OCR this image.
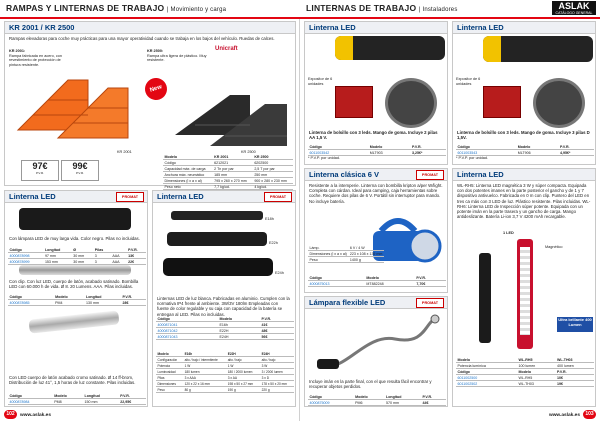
RAMPAS Y LINTERNAS DE TRABAJO | Movimiento y carga
KR 2001 / KR 2500
Rampas elevadoras para coche muy prácticas para una mayor operatividad cuando se trabaja en los bajos del vehículo. Ruedas de calces.
KR 2001:
Rampa fabricada en acero, con revestimiento de protección de pintura resistente.
KR 2500:
Rampa ultra ligera de plástico. Muy resistente.
New
Unicraft
KR 2001	KR 2500
97€
P.V.R.
99€
P.V.R.
Modelo	KR 2001	KR 2500
Código	6212021	6202500
Capacidad máx. de carga	2 Tn por par	2,5 T por par
Anchura máx. neumático	185 mm	250 mm
Dimensiones (l x a x al)	795 x 260 x 270 mm	900 x 280 x 230 mm
Peso neto	7,7 kg/ud.	4 kg/ud.
Linterna LED	PROMAT
Con lámpara LED de muy larga vida. Color negro. Pilas no incluidas.
Código	Longitud	Ø	Pilas		P.V.R.
4000878998	97 mm	30 mm	3	AAA	13€
4000878999	153 mm	30 mm	3	AAA	22€
Con clip. Con luz LED, cuerpo de latón, acabado satinado. Bombilla LED con 60.000 h de vida. Ø 8. 20 Lumens. AAA. Pilas incluidas.
Código	Modelo	Longitud	P.V.R.
4000878985	PM4	130 mm	28€
Con LED cuerpo de latón acabado cromo satinado. Ø 14 ff-brom, Distribución de luz 41°, 1,5 horas de luz constante. Pilas incluidas.
Código	Modelo	Longitud	P.V.R.
4000878984	PM8	150 mm	22,95€
Linterna LED	PROMAT
E18h
E22h
E24h
Linternas LED de luz blanca. Fabricadas en aluminio. Cumplen con la normativa IP4 frente al ambiente. 3W/3V 180lm Empleadas con fuente de color regulable y su caja con capacidad de la batería se entregan al LED. Pilas no incluidas.
Código	Modelo	P.V.R.
4000871041	E16h	41€
4000871042	E22H	48€
4000871043	E24H	56€
Modelo	E16h	E22H	E24H
Configuración	alto / bajo / intermitente	alto / bajo	alto / bajo
Potencia	1 W	1 W	3 W
Luminosidad	180 lumen	180 / 2000 lumen	3 / 2000 lumen
Pilas	3 x AAA	3 x AA	3 x D
Dimensiones	120 x 22 x 16 mm	198 x 50 x 27 mm	178 x 50 x 20 mm
Peso	80 g	190 g	220 g
102	www.aslak.es
LINTERNAS DE TRABAJO | Instaladores	ASLAK
CATÁLOGO GENERAL
Linterna LED
Expositor de 6 unidades
Linterna de bolsillo con 3 leds. Mango de goma. Incluye 2 pilas AA 1,5 V.
Código	Modelo	P.V.R.
6011003542	MLT903	3,25€*
* P.V.P. por unidad.
Linterna LED
Expositor de 6 unidades
Linterna de bolsillo con 3 leds. Mango de goma. Incluye 3 pilas D 1,5V.
Código	Modelo	P.V.R.
6011003543	MLT906	4,95€*
* P.V.P. por unidad.
Linterna clásica 6 V	PROMAT
Resistente a la intemperie. Linterna con bombilla kripton a/per W/light. Completa con cárdan. Ideal para camping, caja herramientas sobre coche. Requiere dos pilas de 6 V. Portátil sin interruptor para mando. No incluye batería.
Lámp.	6 V / 4 W
Dimensiones (l x a x al)	223 x 108 x 139 mm
Peso	1400 g
Código	Modelo	P.V.R.
4000875013	MT882248	7,70€
Lámpara flexible LED	PROMAT
Incluye imán en la parte final, con el que resulta fácil encontrar y recuperar objetos perdidos.
Código	Modelo	Longitud	P.V.R.
4000875009	PM6	570 mm	44€
Linterna LED
WL-RH5: Linterna LED magnética 3 W y súper compacta. Equipada con dos potentes imanes en la parte posterior el gancho y de 1 y 7 dispositivo antivuelco. Fabricada en 0 m con clip. Puntero del LED en tres ca más con 3 LED de luz. Plástico resistente. Pilas incluidas. WL-RH6: Linterna LED de Inspección súper potente. Equipada con un potente imán en la parte trasera y un gancho de carga. Mango antideslizante. Batería Li-ion 3,7 V 4200 mAh recargable.
1 LED
Magnético
Ultra brillante 400 Lumen
Modelo	WL-RH5	WL-TH03
Potencia lumínica	100 lumen	400 lumen
Código	Modelo	P.V.R.
6011002500	WL-RH5	10€
6011002502	WL-TH03	19€
www.aslak.es	103
